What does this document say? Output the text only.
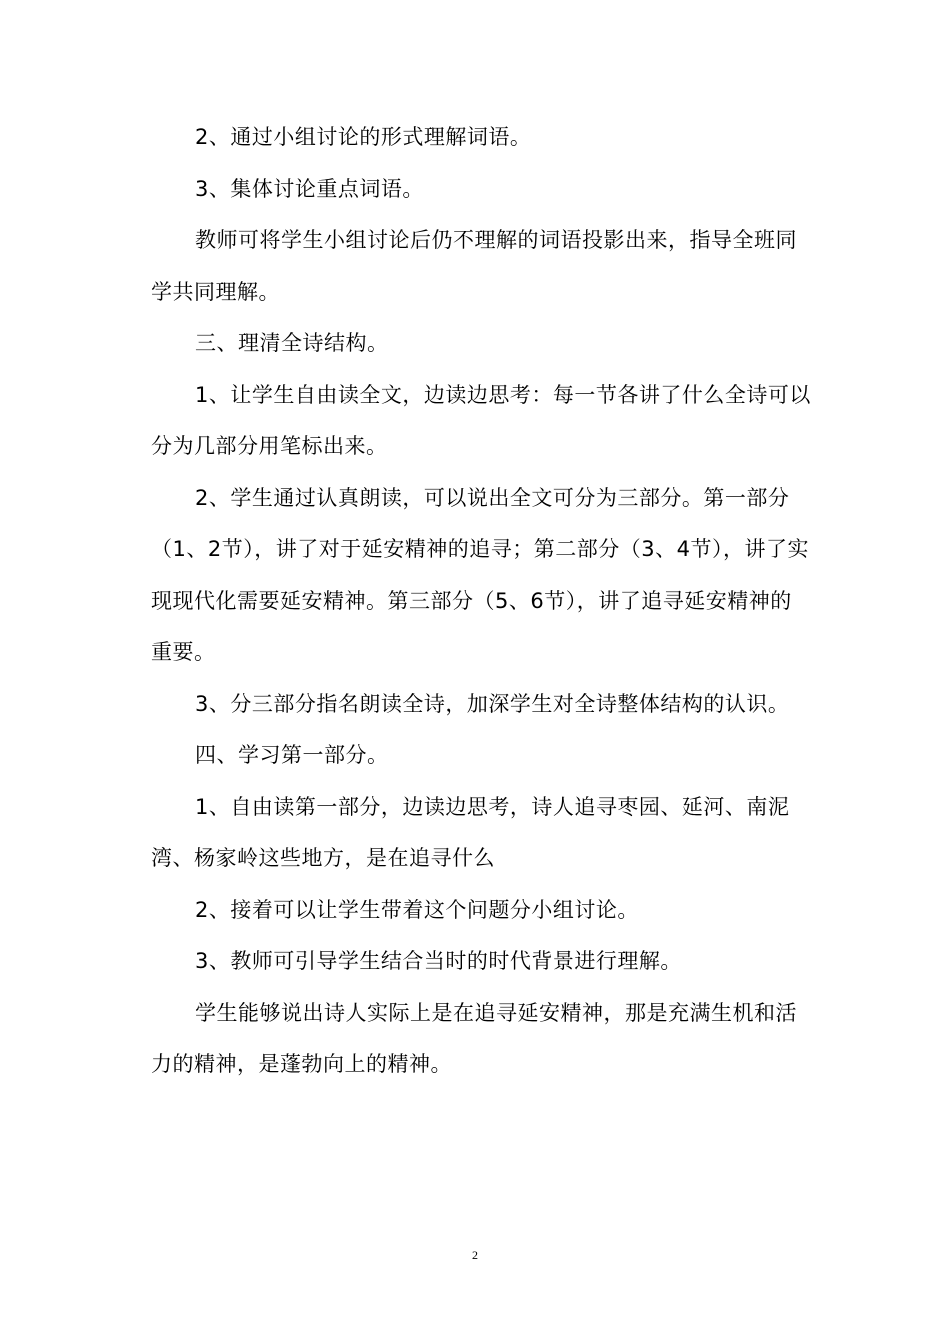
2、通过小组讨论的形式理解词语。

3、集体讨论重点词语。

教师可将学生小组讨论后仍不理解的词语投影出来，指导全班同学共同理解。

三、理清全诗结构。

1、让学生自由读全文，边读边思考：每一节各讲了什么全诗可以分为几部分用笔标出来。

2、学生通过认真朗读，可以说出全文可分为三部分。第一部分（1、2节），讲了对于延安精神的追寻；第二部分（3、4节），讲了实现现代化需要延安精神。第三部分（5、6节），讲了追寻延安精神的重要。

3、分三部分指名朗读全诗，加深学生对全诗整体结构的认识。

四、学习第一部分。

1、自由读第一部分，边读边思考，诗人追寻枣园、延河、南泥湾、杨家岭这些地方，是在追寻什么

2、接着可以让学生带着这个问题分小组讨论。

3、教师可引导学生结合当时的时代背景进行理解。

学生能够说出诗人实际上是在追寻延安精神，那是充满生机和活力的精神，是蓬勃向上的精神。

2
